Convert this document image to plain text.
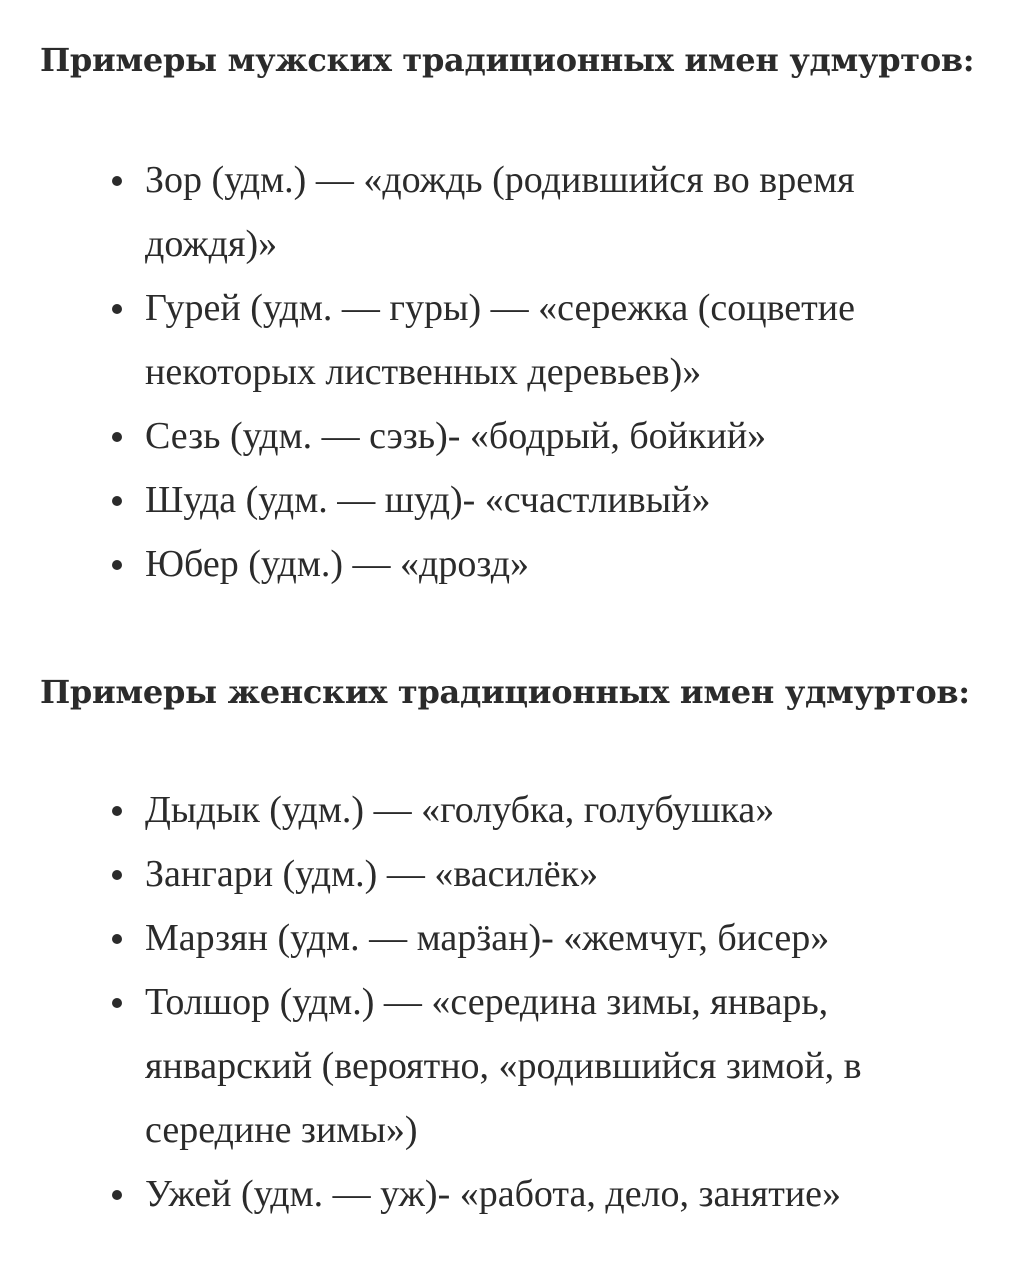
Примеры мужских традиционных имен удмуртов:
Зор (удм.) — «дождь (родившийся во время дождя)»
Гурей (удм. — гуры) — «сережка (соцветие некоторых лиственных деревьев)»
Сезь (удм. — сэзь)- «бодрый, бойкий»
Шуда (удм. — шуд)- «счастливый»
Юбер (удм.) — «дрозд»
Примеры женских традиционных имен удмуртов:
Дыдык (удм.) — «голубка, голубушка»
Зангари (удм.) — «василёк»
Марзян (удм. — марӟан)- «жемчуг, бисер»
Толшор (удм.) — «середина зимы, январь, январский (вероятно, «родившийся зимой, в середине зимы»)
Ужей (удм. — уж)- «работа, дело, занятие»
